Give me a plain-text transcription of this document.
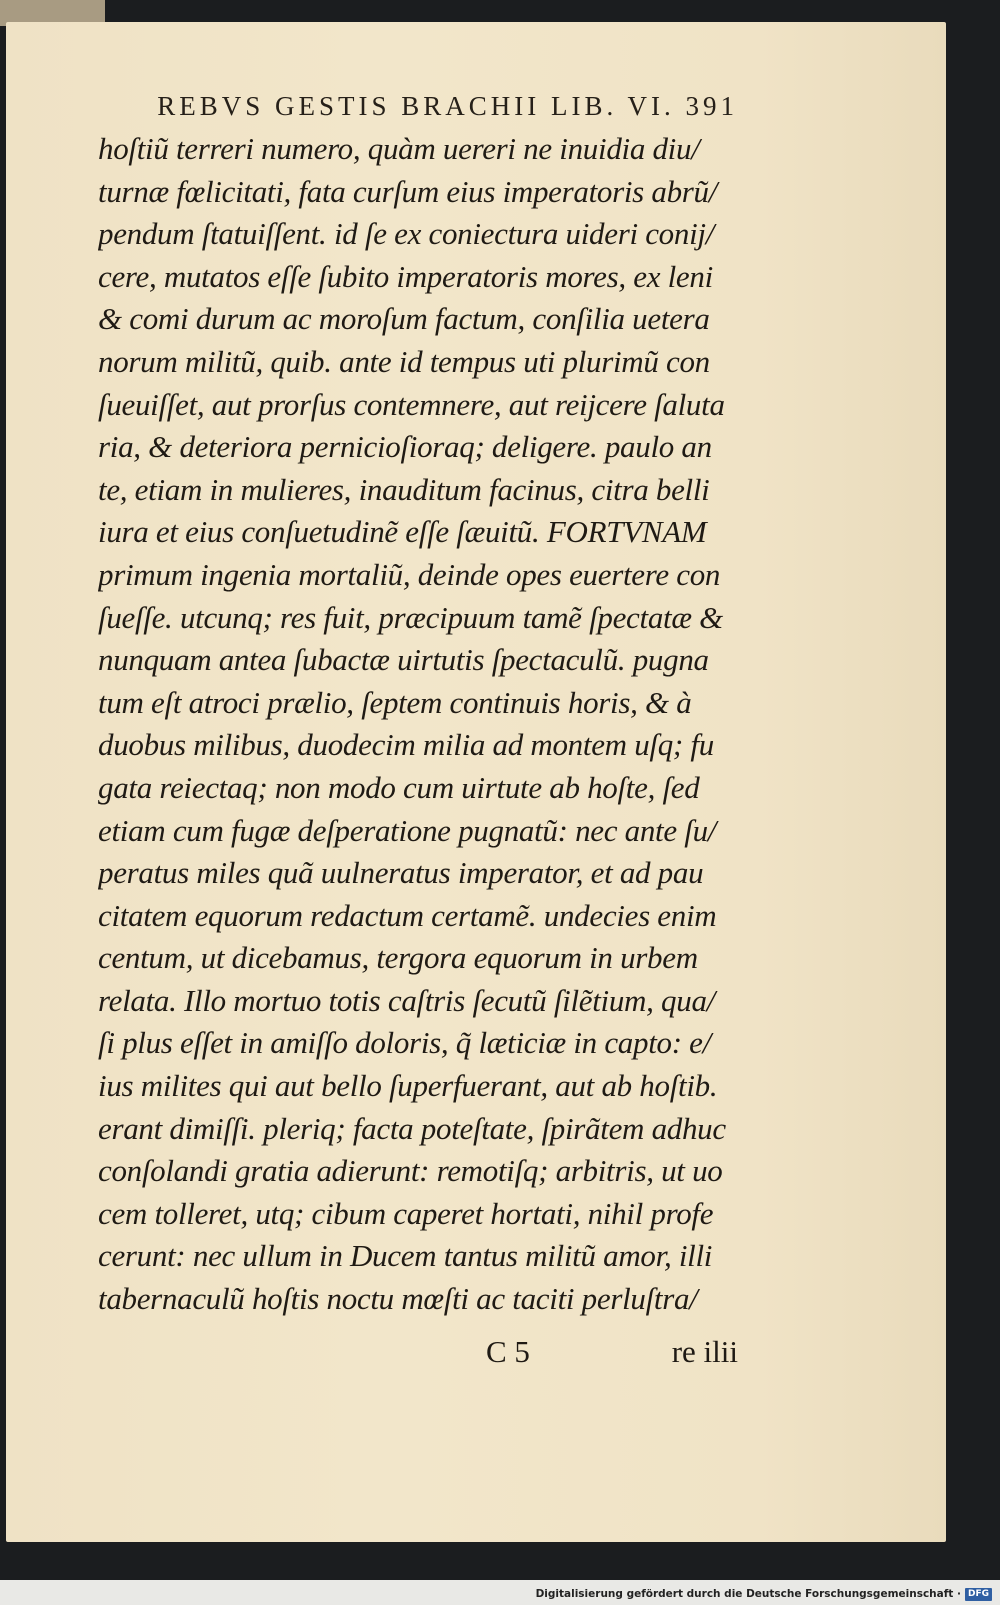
REBVS GESTIS BRACHII LIB. VI. 391
hoſtiũ terreri numero, quàm uereri ne inuidia diu/
turnæ fœlicitati, fata curſum eius imperatoris abrũ/
pendum ſtatuiſſent. id ſe ex coniectura uideri conij/
cere, mutatos eſſe ſubito imperatoris mores, ex leni
& comi durum ac moroſum factum, conſilia uetera
norum militũ, quib. ante id tempus uti plurimũ con
ſueuiſſet, aut prorſus contemnere, aut reijcere ſaluta
ria, & deteriora pernicioſioraq; deligere. paulo an
te, etiam in mulieres, inauditum facinus, citra belli
iura et eius conſuetudinẽ eſſe ſæuitũ. FORTVNAM
primum ingenia mortaliũ, deinde opes euertere con
ſueſſe. utcunq; res fuit, præcipuum tamẽ ſpectatæ &
nunquam antea ſubactæ uirtutis ſpectaculũ. pugna
tum eſt atroci prælio, ſeptem continuis horis, & à
duobus milibus, duodecim milia ad montem uſq; fu
gata reiectaq; non modo cum uirtute ab hoſte, ſed
etiam cum fugæ deſperatione pugnatũ: nec ante ſu/
peratus miles quã uulneratus imperator, et ad pau
citatem equorum redactum certamẽ. undecies enim
centum, ut dicebamus, tergora equorum in urbem
relata. Illo mortuo totis caſtris ſecutũ ſilẽtium, qua/
ſi plus eſſet in amiſſo doloris, q̃ læticiæ in capto: e/
ius milites qui aut bello ſuperfuerant, aut ab hoſtib.
erant dimiſſi. pleriq; facta poteſtate, ſpirãtem adhuc
conſolandi gratia adierunt: remotiſq; arbitris, ut uo
cem tolleret, utq; cibum caperet hortati, nihil profe
cerunt: nec ullum in Ducem tantus militũ amor, illi
tabernaculũ hoſtis noctu mœſti ac taciti perluſtra/
C 5	re ilii
Digitalisierung gefördert durch die Deutsche Forschungsgemeinschaft · DFG
